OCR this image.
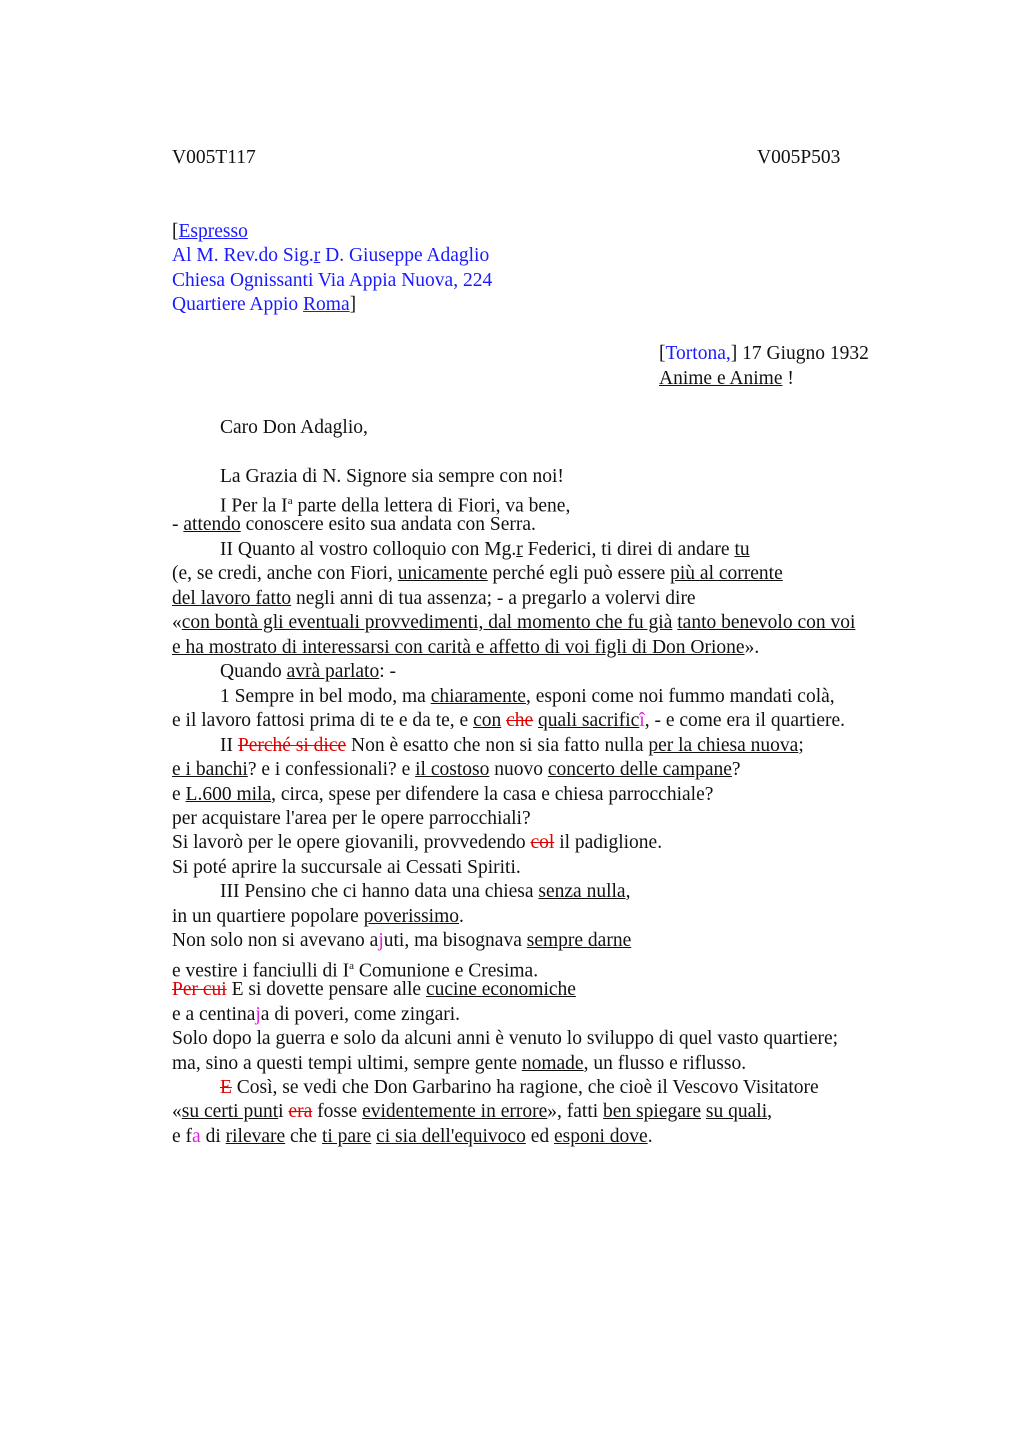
V005T117	V005P503
[Espresso
Al M. Rev.do Sig.r D. Giuseppe Adaglio
Chiesa Ognissanti Via Appia Nuova, 224
Quartiere Appio Roma]
[Tortona,] 17 Giugno 1932
Anime e Anime !
Caro Don Adaglio,
La Grazia di N. Signore sia sempre con noi!
I Per la $I^a$ parte della lettera di Fiori, va bene,
- attendo conoscere esito sua andata con Serra.
II Quanto al vostro colloquio con Mg.r Federici, ti direi di andare tu
(e, se credi, anche con Fiori, unicamente perché egli può essere più al corrente
del lavoro fatto negli anni di tua assenza; - a pregarlo a volervi dire
«con bontà gli eventuali provvedimenti, dal momento che fu già tanto benevolo con voi
e ha mostrato di interessarsi con carità e affetto di voi figli di Don Orione».
Quando avrà parlato: -
1 Sempre in bel modo, ma chiaramente, esponi come noi fummo mandati colà,
e il lavoro fattosi prima di te e da te, e con che quali sacrificî, - e come era il quartiere.
II Perché si dice Non è esatto che non si sia fatto nulla per la chiesa nuova;
e i banchi? e i confessionali? e il costoso nuovo concerto delle campane?
e L.600 mila, circa, spese per difendere la casa e chiesa parrocchiale?
per acquistare l'area per le opere parrocchiali?
Si lavorò per le opere giovanili, provvedendo col il padiglione.
Si poté aprire la succursale ai Cessati Spiriti.
III Pensino che ci hanno data una chiesa senza nulla,
in un quartiere popolare poverissimo.
Non solo non si avevano ajuti, ma bisognava sempre darne
e vestire i fanciulli di $I^a$ Comunione e Cresima.
Per cui E si dovette pensare alle cucine economiche
e a centinaja di poveri, come zingari.
Solo dopo la guerra e solo da alcuni anni è venuto lo sviluppo di quel vasto quartiere;
ma, sino a questi tempi ultimi, sempre gente nomade, un flusso e riflusso.
E Così, se vedi che Don Garbarino ha ragione, che cioè il Vescovo Visitatore
«su certi punti era fosse evidentemente in errore», fatti ben spiegare su quali,
e fa di rilevare che ti pare ci sia dell'equivoco ed esponi dove.
